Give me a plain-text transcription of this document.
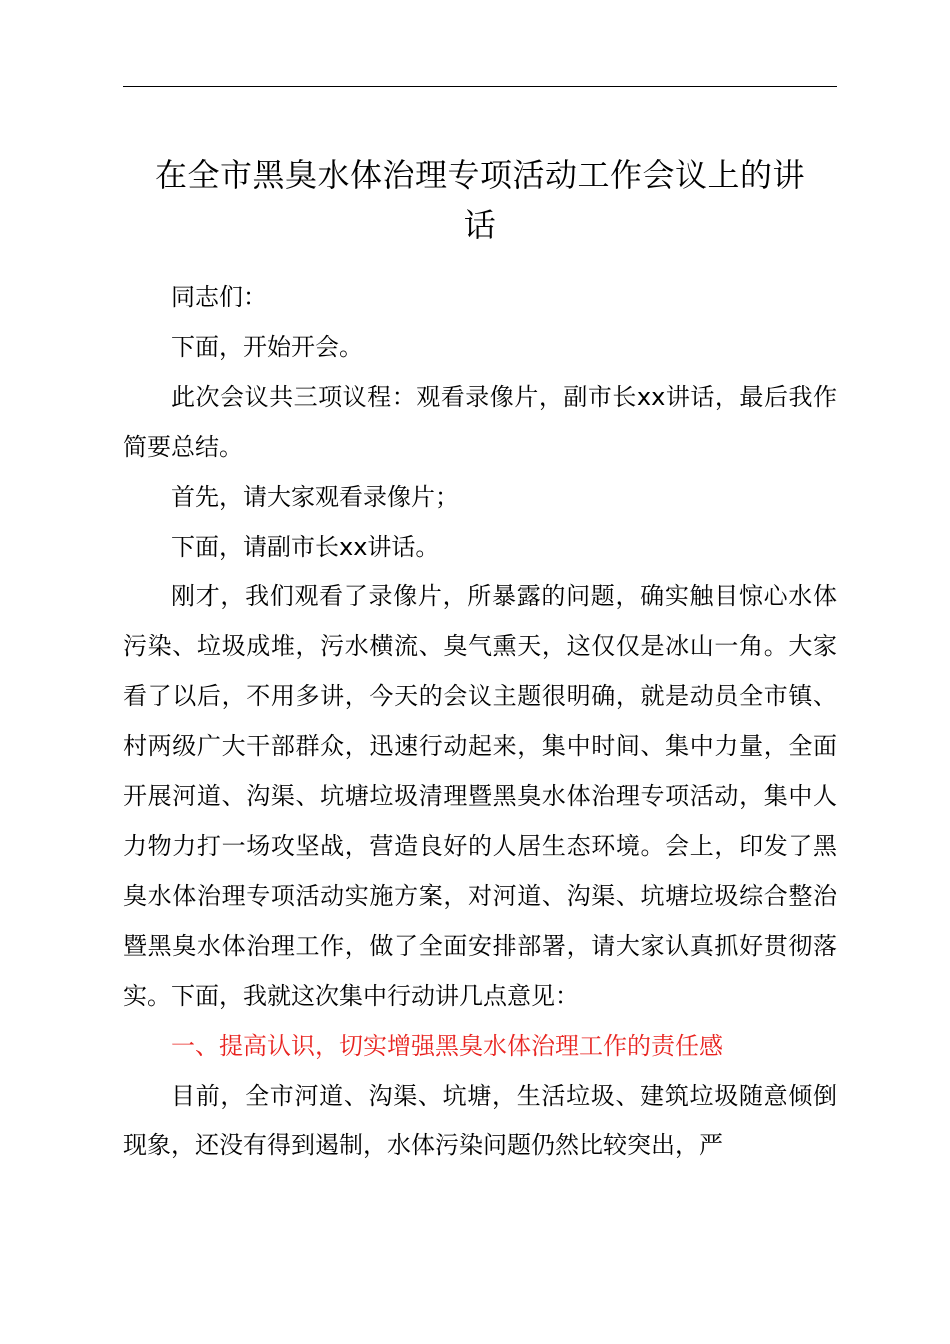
在全市黑臭水体治理专项活动工作会议上的讲
话

同志们：

下面，开始开会。

此次会议共三项议程：观看录像片，副市长xx讲话，最后我作简要总结。

首先，请大家观看录像片；

下面，请副市长xx讲话。

刚才，我们观看了录像片，所暴露的问题，确实触目惊心水体污染、垃圾成堆，污水横流、臭气熏天，这仅仅是冰山一角。大家看了以后，不用多讲，今天的会议主题很明确，就是动员全市镇、村两级广大干部群众，迅速行动起来，集中时间、集中力量，全面开展河道、沟渠、坑塘垃圾清理暨黑臭水体治理专项活动，集中人力物力打一场攻坚战，营造良好的人居生态环境。会上，印发了黑臭水体治理专项活动实施方案，对河道、沟渠、坑塘垃圾综合整治暨黑臭水体治理工作，做了全面安排部署，请大家认真抓好贯彻落实。下面，我就这次集中行动讲几点意见：

一、提高认识，切实增强黑臭水体治理工作的责任感

目前，全市河道、沟渠、坑塘，生活垃圾、建筑垃圾随意倾倒现象，还没有得到遏制，水体污染问题仍然比较突出，严
